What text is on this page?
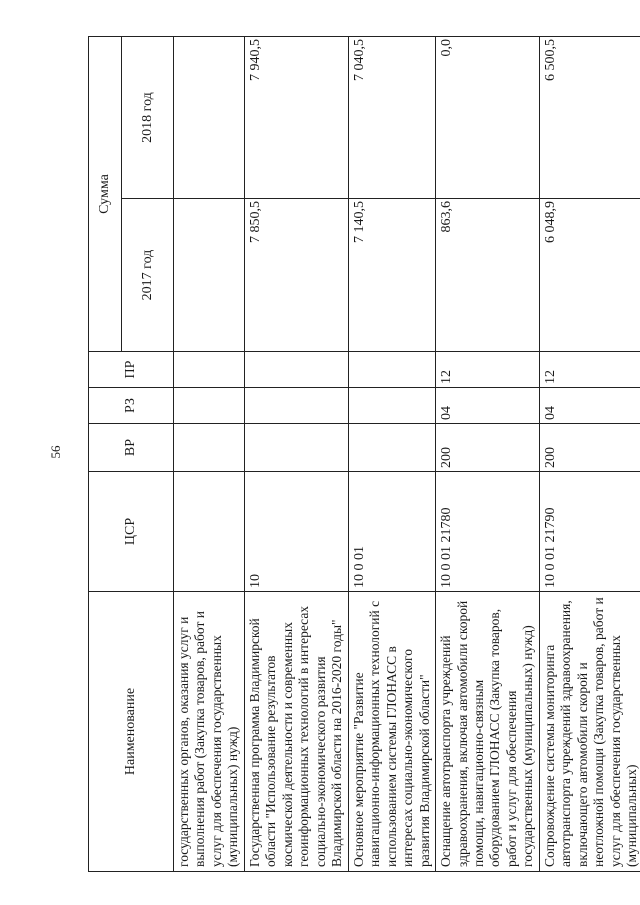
56
Наименование	ЦСР	ВР	РЗ	ПР	Сумма	
					2017 год	2018 год
государственных органов, оказания услуг и выполнения работ (Закупка товаров, работ и услуг для обеспечения государственных (муниципальных) нужд)						
Государственная программа Владимирской области "Использование результатов космической деятельности и современных геоинформационных технологий в интересах социально-экономического развития Владимирской области на 2016-2020 годы"	10				7 850,5	7 940,5
Основное мероприятие "Развитие навигационно-информационных технологий с использованием системы ГЛОНАСС в интересах социально-экономического развития Владимирской области"	10 0 01				7 140,5	7 040,5
Оснащение автотранспорта учреждений здравоохранения, включая автомобили скорой помощи, навигационно-связным оборудованием ГЛОНАСС (Закупка товаров, работ и услуг для обеспечения государственных (муниципальных) нужд)	10 0 01 21780	200	04	12	863,6	0,0
Сопровождение системы мониторинга автотранспорта учреждений здравоохранения, включающего автомобили скорой и неотложной помощи (Закупка товаров, работ и услуг для обеспечения государственных (муниципальных)	10 0 01 21790	200	04	12	6 048,9	6 500,5
